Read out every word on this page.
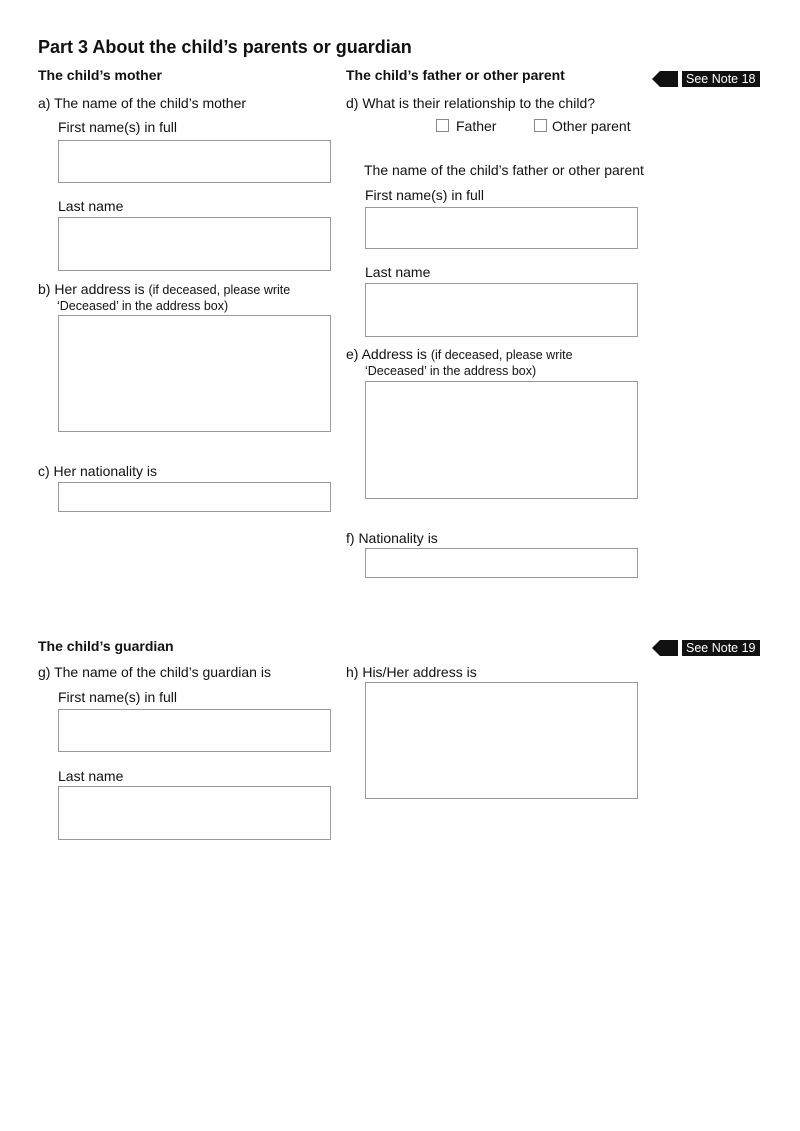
Part 3 About the child’s parents or guardian
The child’s mother
a) The name of the child’s mother
First name(s) in full
Last name
b) Her address is (if deceased, please write
‘Deceased’ in the address box)
c) Her nationality is
The child’s father or other parent	See Note 18
d) What is their relationship to the child?
Father	Other parent
The name of the child’s father or other parent
First name(s) in full
Last name
e) Address is (if deceased, please write
‘Deceased’ in the address box)
f) Nationality is
The child’s guardian	See Note 19
g) The name of the child’s guardian is
First name(s) in full
Last name
h) His/Her address is
